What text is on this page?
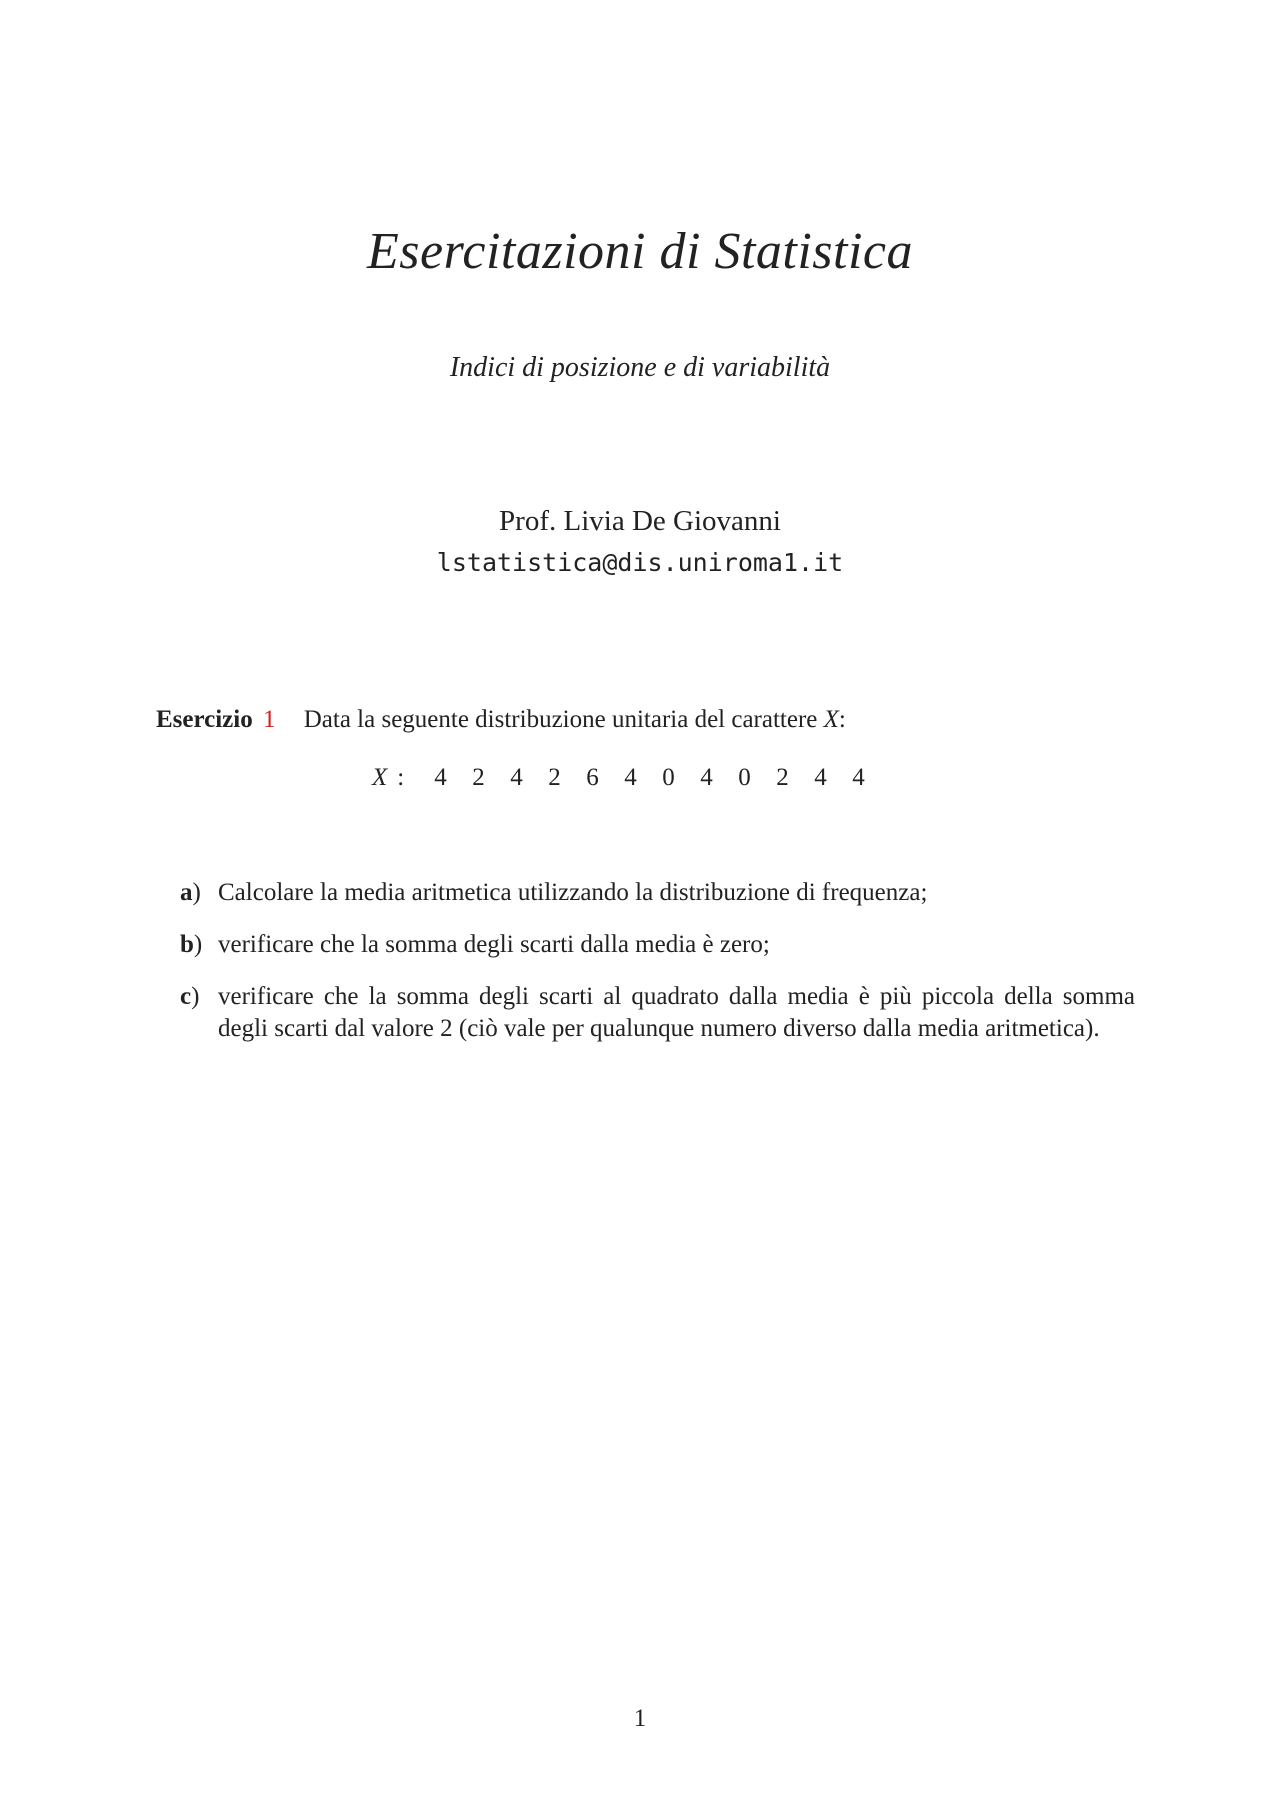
Esercitazioni di Statistica
Indici di posizione e di variabilità
Prof. Livia De Giovanni
lstatistica@dis.uniroma1.it
Esercizio 1 Data la seguente distribuzione unitaria del carattere X:
X : 4	2	4	2	6	4	0	4	0	2	4	4
a) Calcolare la media aritmetica utilizzando la distribuzione di frequenza;
b) verificare che la somma degli scarti dalla media è zero;
c) verificare che la somma degli scarti al quadrato dalla media è più piccola della somma degli scarti dal valore 2 (ciò vale per qualunque numero diverso dalla media aritmetica).
1
